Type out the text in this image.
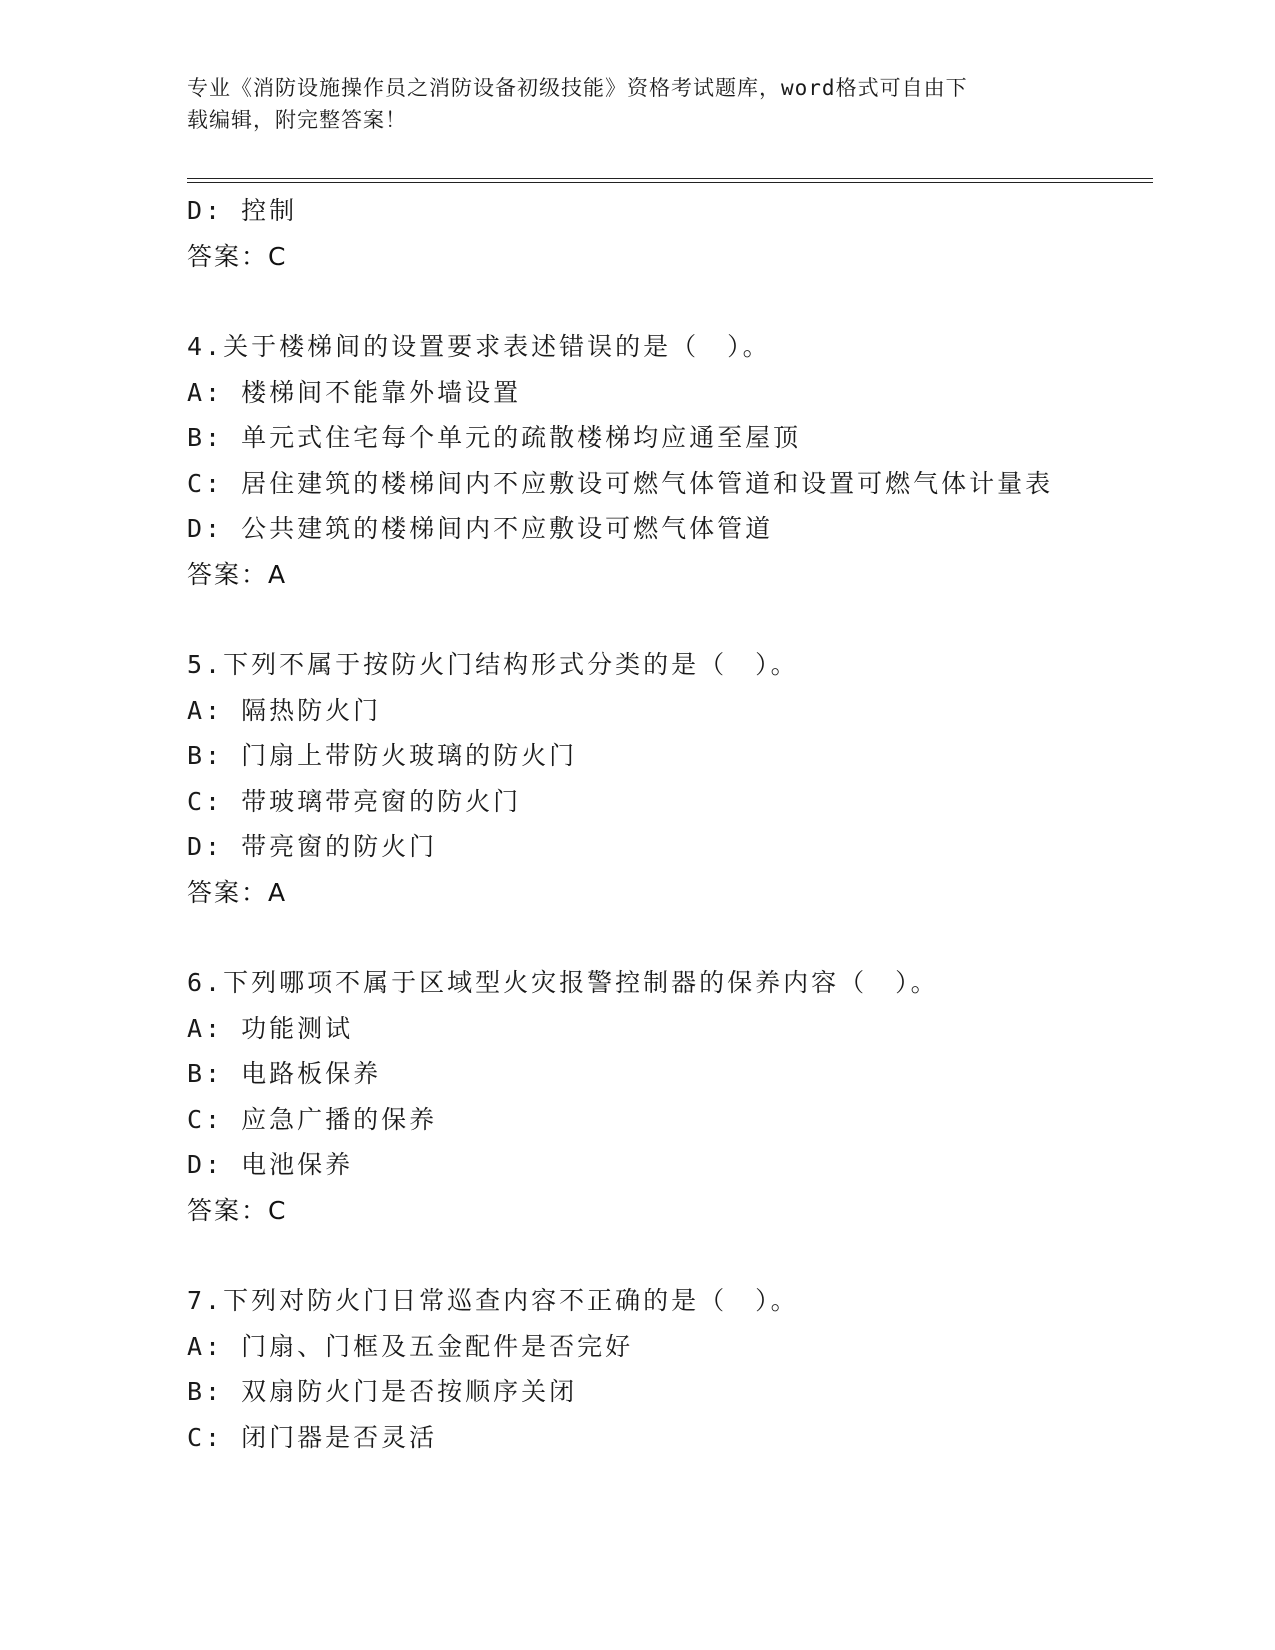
专业《消防设施操作员之消防设备初级技能》资格考试题库，word格式可自由下
载编辑，附完整答案！
D: 控制
答案：C
4.关于楼梯间的设置要求表述错误的是（　）。
A: 楼梯间不能靠外墙设置
B: 单元式住宅每个单元的疏散楼梯均应通至屋顶
C: 居住建筑的楼梯间内不应敷设可燃气体管道和设置可燃气体计量表
D: 公共建筑的楼梯间内不应敷设可燃气体管道
答案：A
5.下列不属于按防火门结构形式分类的是（　）。
A: 隔热防火门
B: 门扇上带防火玻璃的防火门
C: 带玻璃带亮窗的防火门
D: 带亮窗的防火门
答案：A
6.下列哪项不属于区域型火灾报警控制器的保养内容（　）。
A: 功能测试
B: 电路板保养
C: 应急广播的保养
D: 电池保养
答案：C
7.下列对防火门日常巡查内容不正确的是（　）。
A: 门扇、门框及五金配件是否完好
B: 双扇防火门是否按顺序关闭
C: 闭门器是否灵活
